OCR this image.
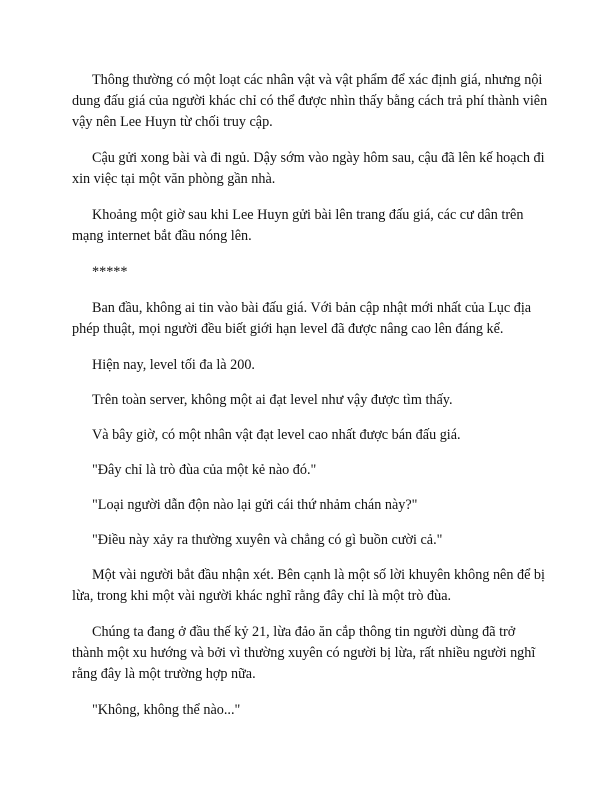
Thông thường có một loạt các nhân vật và vật phẩm để xác định giá, nhưng nội dung đấu giá của người khác chỉ có thể được nhìn thấy bằng cách trả phí thành viên vậy nên Lee Huyn từ chối truy cập.

Cậu gửi xong bài và đi ngủ. Dậy sớm vào ngày hôm sau, cậu đã lên kế hoạch đi xin việc tại một văn phòng gần nhà.

Khoảng một giờ sau khi Lee Huyn gửi bài lên trang đấu giá, các cư dân trên mạng internet bắt đầu nóng lên.

*****

Ban đầu, không ai tin vào bài đấu giá. Với bản cập nhật mới nhất của Lục địa phép thuật, mọi người đều biết giới hạn level đã được nâng cao lên đáng kể.

Hiện nay, level tối đa là 200.

Trên toàn server, không một ai đạt level như vậy được tìm thấy.

Và bây giờ, có một nhân vật đạt level cao nhất được bán đấu giá.

"Đây chỉ là trò đùa của một kẻ nào đó."

"Loại người dẫn độn nào lại gửi cái thứ nhảm chán này?"

"Điều này xảy ra thường xuyên và chẳng có gì buồn cười cả."

Một vài người bắt đầu nhận xét. Bên cạnh là một số lời khuyên không nên để bị lừa, trong khi một vài người khác nghĩ rằng đây chỉ là một trò đùa.

Chúng ta đang ở đầu thế kỷ 21, lừa đảo ăn cắp thông tin người dùng đã trở thành một xu hướng và bởi vì thường xuyên có người bị lừa, rất nhiều người nghĩ rằng đây là một trường hợp nữa.

"Không, không thể nào..."
